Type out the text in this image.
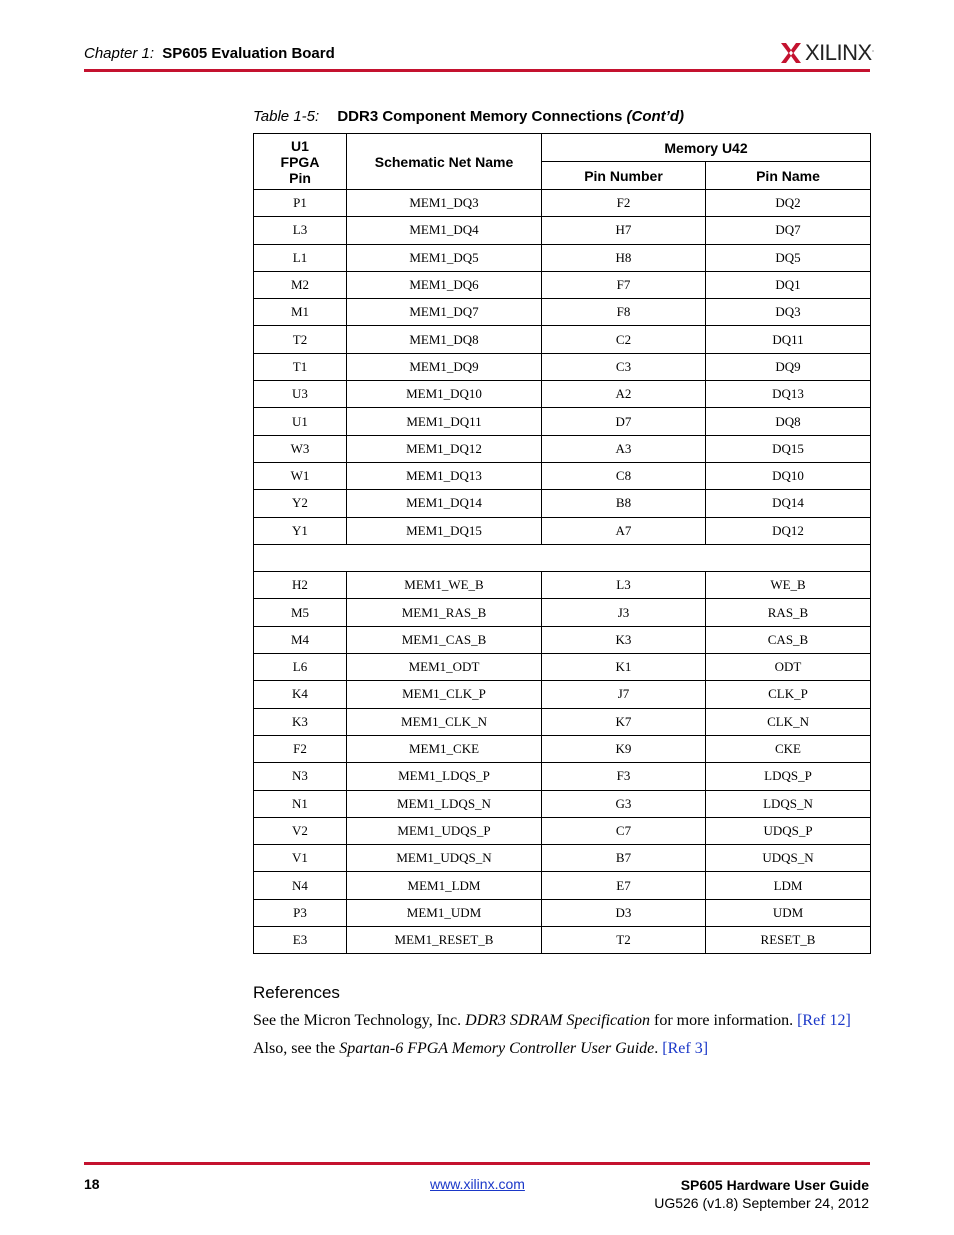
Chapter 1: SP605 Evaluation Board	XILINX.
Table 1-5: DDR3 Component Memory Connections (Cont’d)
U1 FPGA Pin	Schematic Net Name	Memory U42	
		Pin Number	Pin Name
P1	MEM1_DQ3	F2	DQ2
L3	MEM1_DQ4	H7	DQ7
L1	MEM1_DQ5	H8	DQ5
M2	MEM1_DQ6	F7	DQ1
M1	MEM1_DQ7	F8	DQ3
T2	MEM1_DQ8	C2	DQ11
T1	MEM1_DQ9	C3	DQ9
U3	MEM1_DQ10	A2	DQ13
U1	MEM1_DQ11	D7	DQ8
W3	MEM1_DQ12	A3	DQ15
W1	MEM1_DQ13	C8	DQ10
Y2	MEM1_DQ14	B8	DQ14
Y1	MEM1_DQ15	A7	DQ12

H2	MEM1_WE_B	L3	WE_B
M5	MEM1_RAS_B	J3	RAS_B
M4	MEM1_CAS_B	K3	CAS_B
L6	MEM1_ODT	K1	ODT
K4	MEM1_CLK_P	J7	CLK_P
K3	MEM1_CLK_N	K7	CLK_N
F2	MEM1_CKE	K9	CKE
N3	MEM1_LDQS_P	F3	LDQS_P
N1	MEM1_LDQS_N	G3	LDQS_N
V2	MEM1_UDQS_P	C7	UDQS_P
V1	MEM1_UDQS_N	B7	UDQS_N
N4	MEM1_LDM	E7	LDM
P3	MEM1_UDM	D3	UDM
E3	MEM1_RESET_B	T2	RESET_B
References
See the Micron Technology, Inc. DDR3 SDRAM Specification for more information. [Ref 12]
Also, see the Spartan-6 FPGA Memory Controller User Guide. [Ref 3]
18	www.xilinx.com	SP605 Hardware User Guide
UG526 (v1.8) September 24, 2012
